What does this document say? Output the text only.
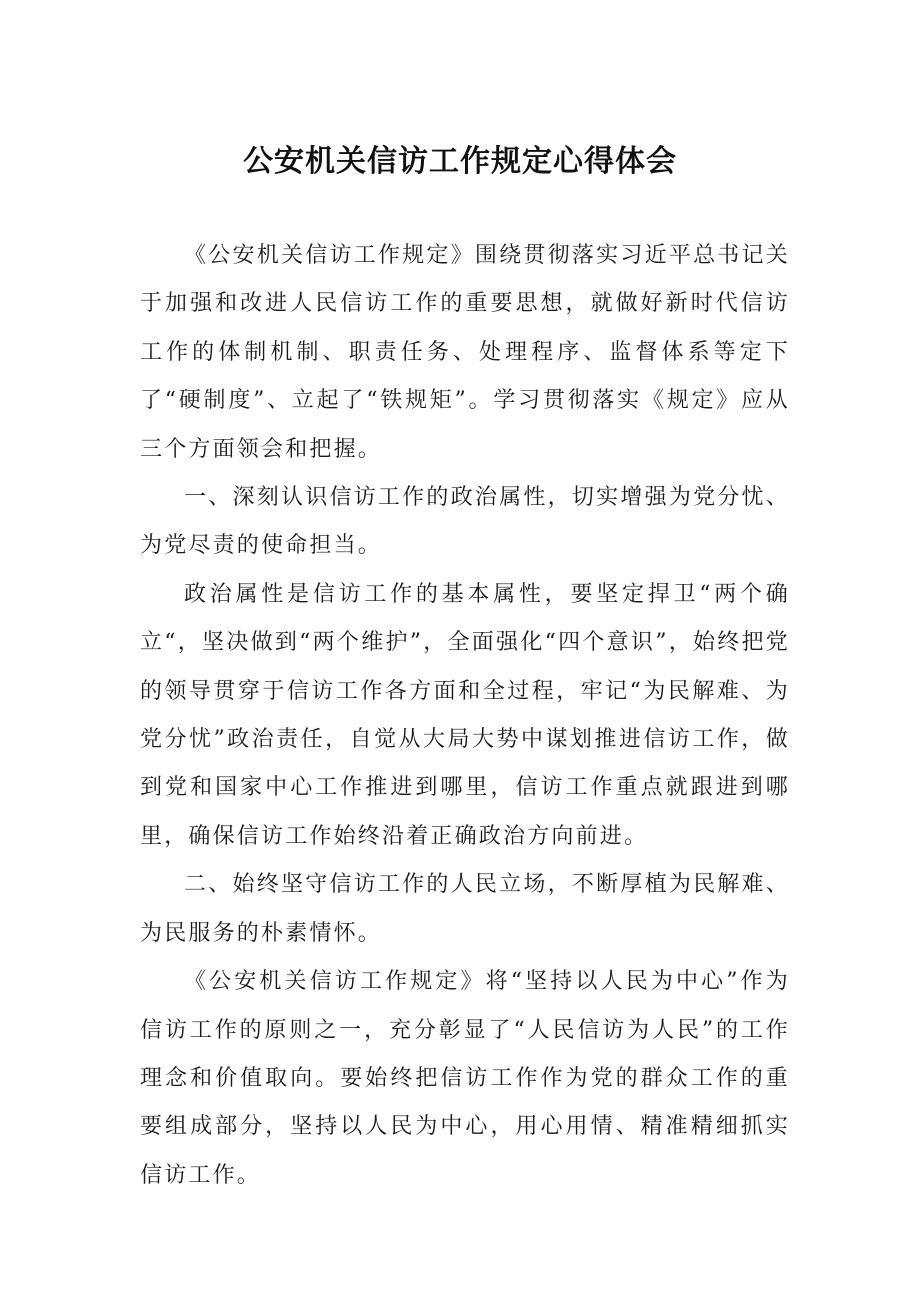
公安机关信访工作规定心得体会

《公安机关信访工作规定》围绕贯彻落实习近平总书记关于加强和改进人民信访工作的重要思想，就做好新时代信访工作的体制机制、职责任务、处理程序、监督体系等定下了“硬制度”、立起了“铁规矩”。学习贯彻落实《规定》应从三个方面领会和把握。

一、深刻认识信访工作的政治属性，切实增强为党分忧、为党尽责的使命担当。

政治属性是信访工作的基本属性，要坚定捍卫“两个确立“，坚决做到“两个维护”，全面强化“四个意识”，始终把党的领导贯穿于信访工作各方面和全过程，牢记“为民解难、为党分忧”政治责任，自觉从大局大势中谋划推进信访工作，做到党和国家中心工作推进到哪里，信访工作重点就跟进到哪里，确保信访工作始终沿着正确政治方向前进。

二、始终坚守信访工作的人民立场，不断厚植为民解难、为民服务的朴素情怀。

《公安机关信访工作规定》将“坚持以人民为中心”作为信访工作的原则之一，充分彰显了“人民信访为人民”的工作理念和价值取向。要始终把信访工作作为党的群众工作的重要组成部分，坚持以人民为中心，用心用情、精准精细抓实信访工作。
